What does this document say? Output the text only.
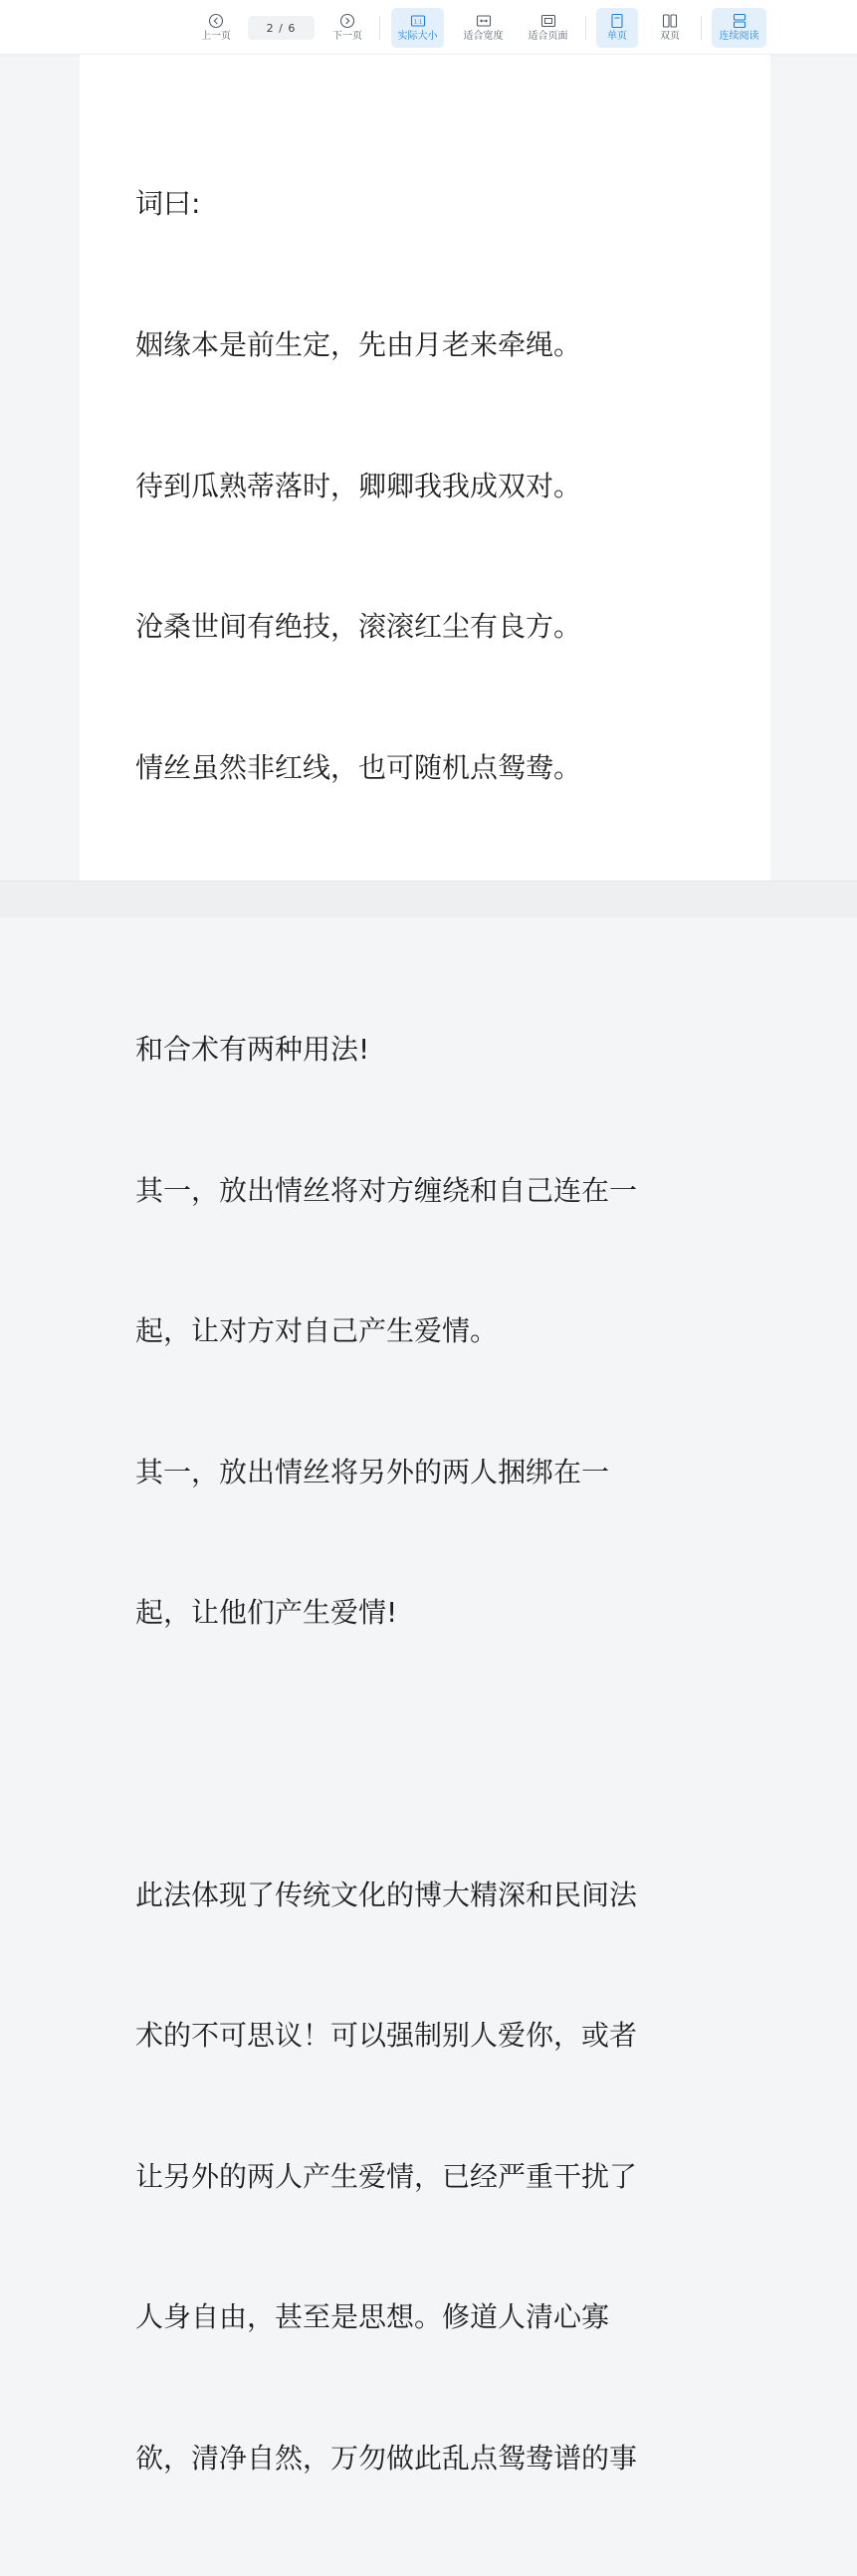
上一页
2 / 6
下一页
1:1
实际大小	适合宽度	适合页面	单页	双页	连续阅读

词曰:

姻缘本是前生定，先由月老来牵绳。

待到瓜熟蒂落时，卿卿我我成双对。

沧桑世间有绝技，滚滚红尘有良方。

情丝虽然非红线，也可随机点鸳鸯。

和合术有两种用法!

其一，放出情丝将对方缠绕和自己连在一

起，让对方对自己产生爱情。

其一，放出情丝将另外的两人捆绑在一

起，让他们产生爱情!

此法体现了传统文化的博大精深和民间法

术的不可思议！可以强制别人爱你，或者

让另外的两人产生爱情，已经严重干扰了

人身自由，甚至是思想。修道人清心寡

欲，清净自然，万勿做此乱点鸳鸯谱的事
